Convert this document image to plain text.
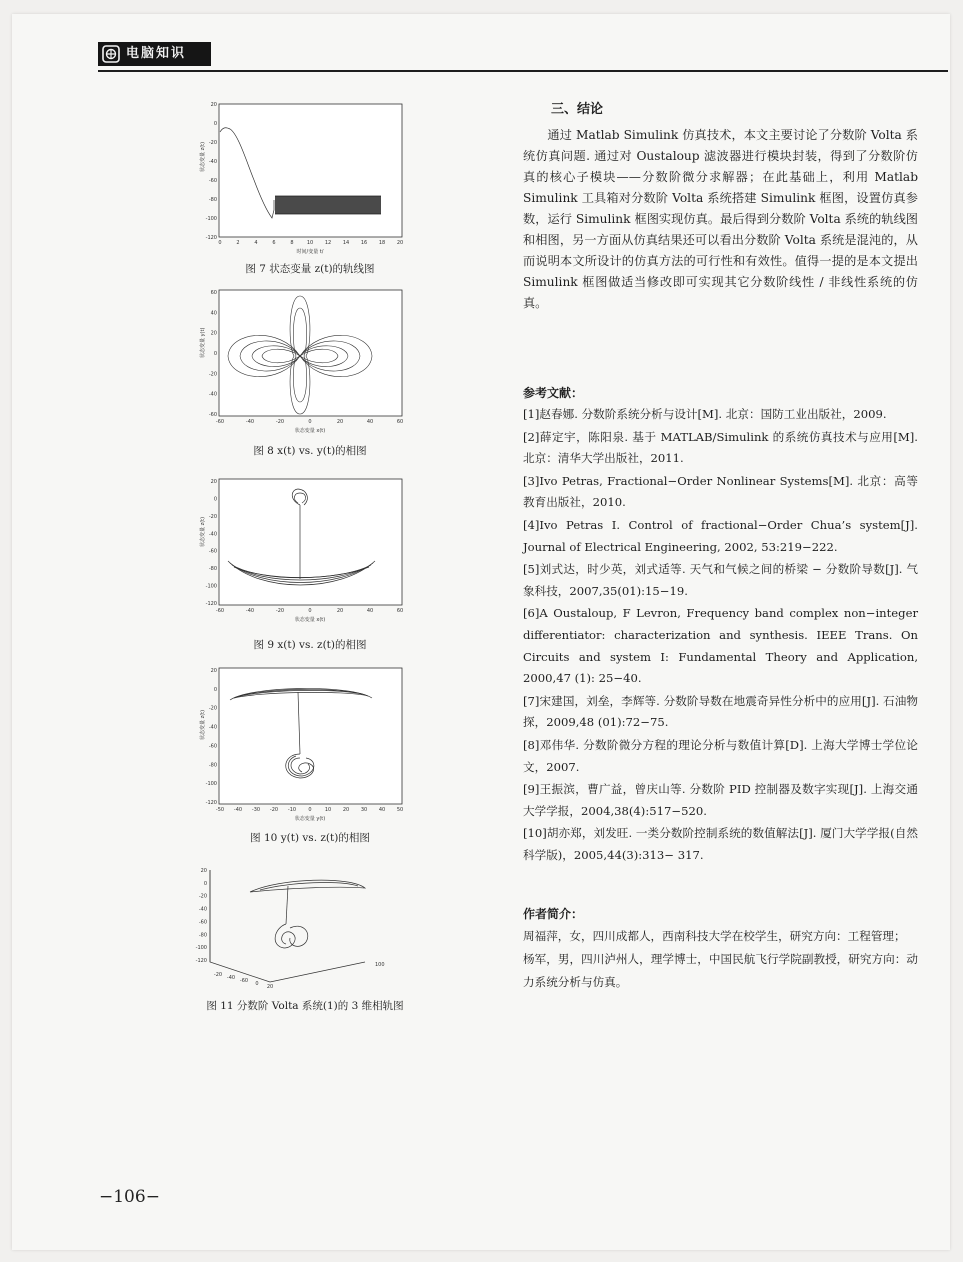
电脑知识
20
0
-20
-40
-60
-80
-100
-120
0	2	4	6	8	10 12 14 16 18 20
状态变量 z(t)
时间/变量 t/
图 7 状态变量 z(t)的轨线图
60
40
20
0
-20
-40
-60
-60	-40	-20	0	20	40	60
状态变量 y(t)
状态变量 x(t)
图 8 x(t) vs. y(t)的相图
20
0
-20
-40
-60
-80
-100
-120
-60	-40	-20	0	20	40	60
状态变量 z(t)
状态变量 x(t)
图 9 x(t) vs. z(t)的相图
20
0
-20
-40
-60
-80
-100
-120
-50 -40 -30 -20 -10 0	10 20 30 40 50
状态变量 z(t)
状态变量 y(t)
图 10 y(t) vs. z(t)的相图
20
0
-20
-40
-60
-80
-100
-120
-20 -40 -60 0 20
100
图 11 分数阶 Volta 系统(1)的 3 维相轨图
三、结论

通过 Matlab Simulink 仿真技术，本文主要讨论了分数阶 Volta 系统仿真问题. 通过对 Oustaloup 滤波器进行模块封装，得到了分数阶仿真的核心子模块——分数阶微分求解器；在此基础上，利用 Matlab Simulink 工具箱对分数阶 Volta 系统搭建 Simulink 框图，设置仿真参数，运行 Simulink 框图实现仿真。最后得到分数阶 Volta 系统的轨线图和相图，另一方面从仿真结果还可以看出分数阶 Volta 系统是混沌的，从而说明本文所设计的仿真方法的可行性和有效性。值得一提的是本文提出 Simulink 框图做适当修改即可实现其它分数阶线性 / 非线性系统的仿真。

参考文献：

[1]赵春娜. 分数阶系统分析与设计[M]. 北京：国防工业出版社，2009.

[2]薛定宇，陈阳泉. 基于 MATLAB/Simulink 的系统仿真技术与应用[M]. 北京：清华大学出版社，2011.

[3]Ivo Petras, Fractional−Order Nonlinear Systems[M]. 北京：高等教育出版社，2010.

[4]Ivo Petras I. Control of fractional−Order Chua’s system[J]. Journal of Electrical Engineering, 2002, 53:219−222.

[5]刘式达，时少英，刘式适等. 天气和气候之间的桥梁 − 分数阶导数[J]. 气象科技，2007,35(01):15−19.

[6]A Oustaloup, F Levron, Frequency band complex non−integer differentiator: characterization and synthesis. IEEE Trans. On Circuits and system I: Fundamental Theory and Application, 2000,47 (1): 25−40.

[7]宋建国，刘垒，李辉等. 分数阶导数在地震奇异性分析中的应用[J]. 石油物探，2009,48 (01):72−75.

[8]邓伟华. 分数阶微分方程的理论分析与数值计算[D]. 上海大学博士学位论文，2007.

[9]王振滨，曹广益，曾庆山等. 分数阶 PID 控制器及数字实现[J]. 上海交通大学学报，2004,38(4):517−520.

[10]胡亦郑，刘发旺. 一类分数阶控制系统的数值解法[J]. 厦门大学学报(自然科学版)，2005,44(3):313− 317.

作者简介：

周福萍，女，四川成都人，西南科技大学在校学生，研究方向：工程管理；

杨军，男，四川泸州人，理学博士，中国民航飞行学院副教授，研究方向：动力系统分析与仿真。

−106−
